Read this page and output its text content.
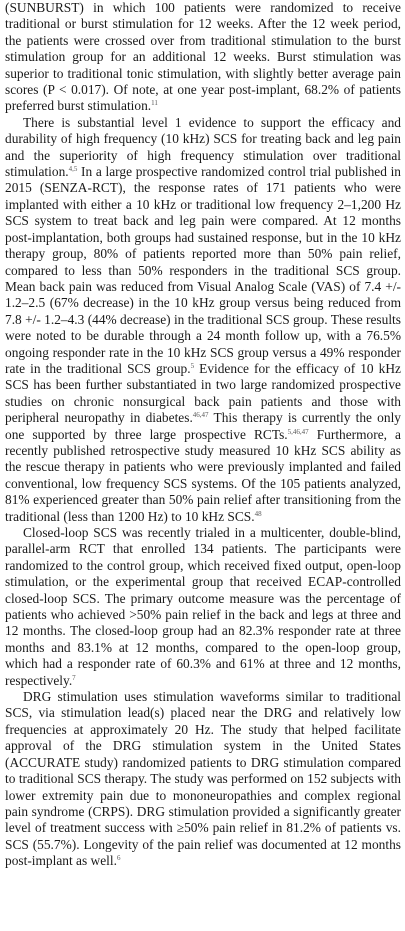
(SUNBURST) in which 100 patients were randomized to receive traditional or burst stimulation for 12 weeks. After the 12 week period, the patients were crossed over from traditional stimulation to the burst stimulation group for an additional 12 weeks. Burst stimulation was superior to traditional tonic stimulation, with slightly better average pain scores (P < 0.017). Of note, at one year post-implant, 68.2% of patients preferred burst stimulation.$^{11}$

There is substantial level 1 evidence to support the efficacy and durability of high frequency (10 kHz) SCS for treating back and leg pain and the superiority of high frequency stimulation over traditional stimulation.$^{4,5}$ In a large prospective randomized control trial published in 2015 (SENZA-RCT), the response rates of 171 patients who were implanted with either a 10 kHz or traditional low frequency 2–1,200 Hz SCS system to treat back and leg pain were compared. At 12 months post-implantation, both groups had sustained response, but in the 10 kHz therapy group, 80% of patients reported more than 50% pain relief, compared to less than 50% responders in the traditional SCS group. Mean back pain was reduced from Visual Analog Scale (VAS) of 7.4 +/- 1.2–2.5 (67% decrease) in the 10 kHz group versus being reduced from 7.8 +/- 1.2–4.3 (44% decrease) in the traditional SCS group. These results were noted to be durable through a 24 month follow up, with a 76.5% ongoing responder rate in the 10 kHz SCS group versus a 49% responder rate in the traditional SCS group.$^5$ Evidence for the efficacy of 10 kHz SCS has been further substantiated in two large randomized prospective studies on chronic nonsurgical back pain patients and those with peripheral neuropathy in diabetes.$^{46,47}$ This therapy is currently the only one supported by three large prospective RCTs.$^{5,46,47}$ Furthermore, a recently published retrospective study measured 10 kHz SCS ability as the rescue therapy in patients who were previously implanted and failed conventional, low frequency SCS systems. Of the 105 patients analyzed, 81% experienced greater than 50% pain relief after transitioning from the traditional (less than 1200 Hz) to 10 kHz SCS.$^{48}$

Closed-loop SCS was recently trialed in a multicenter, double-blind, parallel-arm RCT that enrolled 134 patients. The participants were randomized to the control group, which received fixed output, open-loop stimulation, or the experimental group that received ECAP-controlled closed-loop SCS. The primary outcome measure was the percentage of patients who achieved >50% pain relief in the back and legs at three and 12 months. The closed-loop group had an 82.3% responder rate at three months and 83.1% at 12 months, compared to the open-loop group, which had a responder rate of 60.3% and 61% at three and 12 months, respectively.$^7$

DRG stimulation uses stimulation waveforms similar to traditional SCS, via stimulation lead(s) placed near the DRG and relatively low frequencies at approximately 20 Hz. The study that helped facilitate approval of the DRG stimulation system in the United States (ACCURATE study) randomized patients to DRG stimulation compared to traditional SCS therapy. The study was performed on 152 subjects with lower extremity pain due to mononeuropathies and complex regional pain syndrome (CRPS). DRG stimulation provided a significantly greater level of treatment success with ≥50% pain relief in 81.2% of patients vs. SCS (55.7%). Longevity of the pain relief was documented at 12 months post-implant as well.$^6$
